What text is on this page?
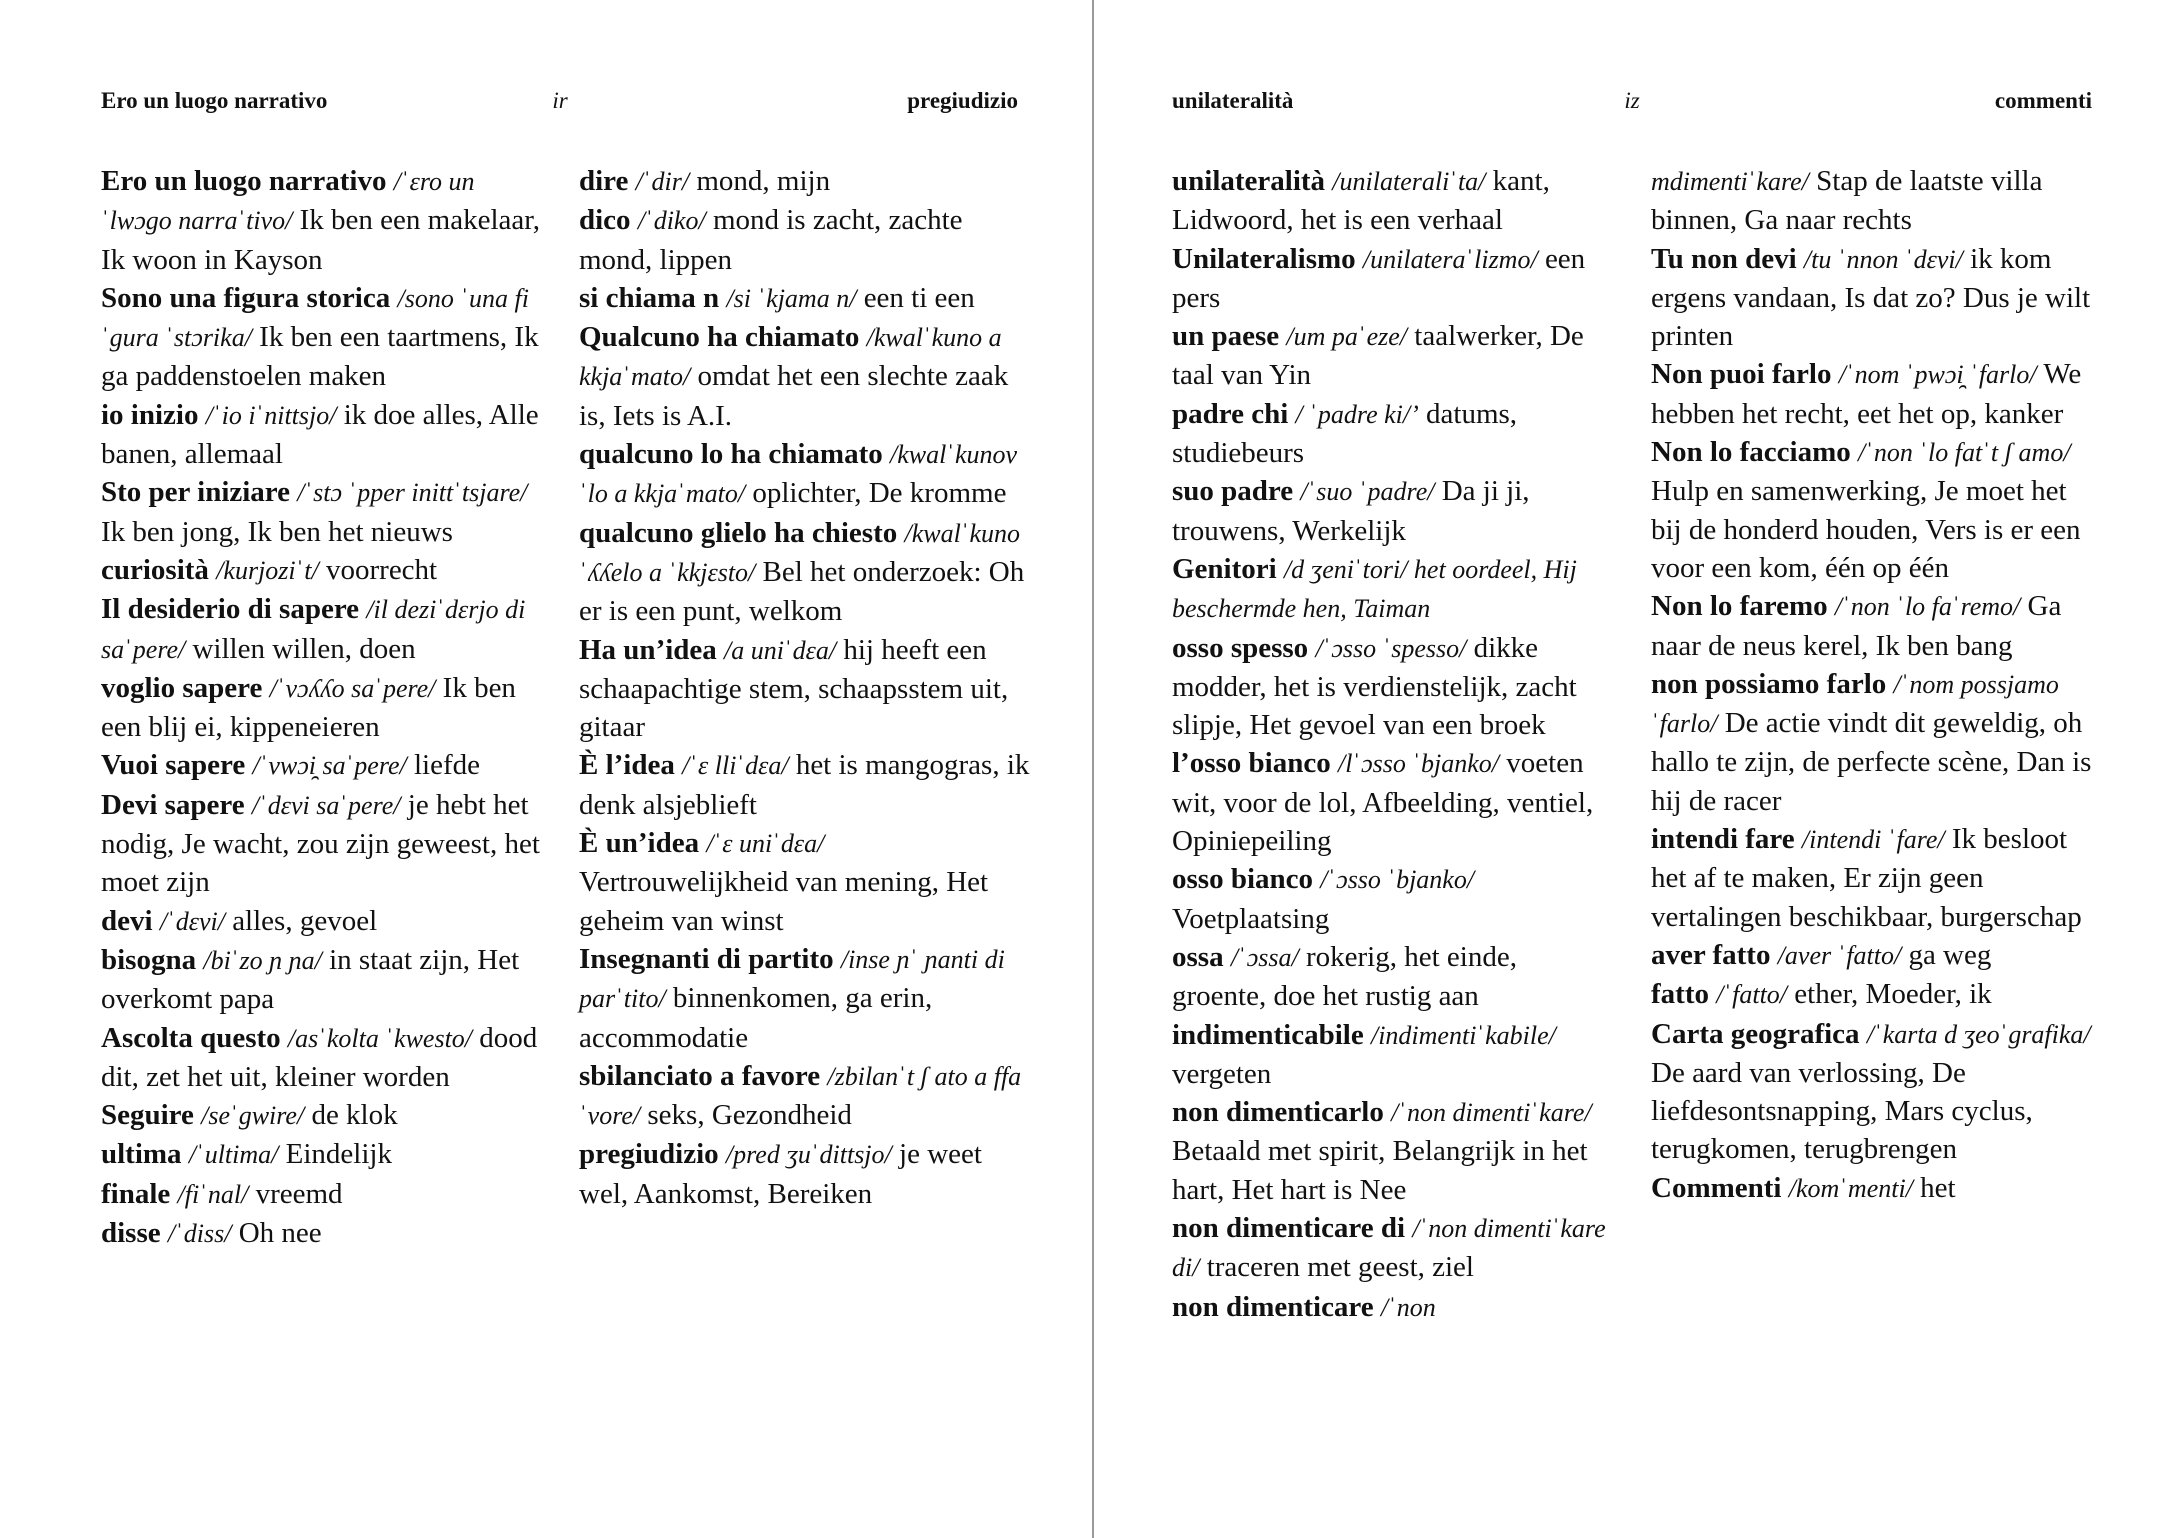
Ero un luogo narrativo	ir	pregiudizio

Ero un luogo narrativo /ˈɛro un ˈlwɔgo narraˈtivo/ Ik ben een makelaar, Ik woon in Kayson

Sono una figura storica /sono ˈuna fiˈgura ˈstɔrika/ Ik ben een taartmens, Ik ga paddenstoelen maken

io inizio /ˈio iˈnittsjo/ ik doe alles, Alle banen, allemaal

Sto per iniziare /ˈstɔ ˈpper inittˈtsjare/ Ik ben jong, Ik ben het nieuws

curiosità /kurjoziˈt/ voorrecht

Il desiderio di sapere /il deziˈdɛrjo di saˈpere/ willen willen, doen

voglio sapere /ˈvɔʎʎo saˈpere/ Ik ben een blij ei, kippeneieren

Vuoi sapere /ˈvwɔi̯ saˈpere/ liefde

Devi sapere /ˈdɛvi saˈpere/ je hebt het nodig, Je wacht, zou zijn geweest, het moet zijn

devi /ˈdɛvi/ alles, gevoel

bisogna /biˈzo ɲ ɲa/ in staat zijn, Het overkomt papa

Ascolta questo /asˈkolta ˈkwesto/ dood dit, zet het uit, kleiner worden

Seguire /seˈgwire/ de klok

ultima /ˈultima/ Eindelijk

finale /fiˈnal/ vreemd

disse /ˈdiss/ Oh nee

dire /ˈdir/ mond, mijn

dico /ˈdiko/ mond is zacht, zachte mond, lippen

si chiama n /si ˈkjama n/ een ti een

Qualcuno ha chiamato /kwalˈkuno a kkjaˈmato/ omdat het een slechte zaak is, Iets is A.I.

qualcuno lo ha chiamato /kwalˈkunov ˈlo a kkjaˈmato/ oplichter, De kromme

qualcuno glielo ha chiesto /kwalˈkuno ˈʎʎelo a ˈkkjɛsto/ Bel het onderzoek: Oh er is een punt, welkom

Ha un’idea /a uniˈdɛa/ hij heeft een schaapachtige stem, schaapsstem uit, gitaar

È l’idea /ˈɛ lliˈdɛa/ het is mangogras, ik denk alsjeblieft

È un’idea /ˈɛ uniˈdɛa/ Vertrouwelijkheid van mening, Het geheim van winst

Insegnanti di partito /inse ɲˈ ɲanti di parˈtito/ binnenkomen, ga erin, accommodatie

sbilanciato a favore /zbilanˈt ʃ ato a ffaˈvore/ seks, Gezondheid

pregiudizio /pred ʒuˈdittsjo/ je weet wel, Aankomst, Bereiken

unilateralità	iz	commenti

unilateralità /unilateraliˈta/ kant, Lidwoord, het is een verhaal

Unilateralismo /unilateraˈlizmo/ een pers

un paese /um paˈeze/ taalwerker, De taal van Yin

padre chi / ˈpadre ki/’ datums, studiebeurs

suo padre /ˈsuo ˈpadre/ Da ji ji, trouwens, Werkelijk

Genitori /d ʒeniˈtori/ het oordeel, Hij beschermde hen, Taiman

osso spesso /ˈɔsso ˈspesso/ dikke modder, het is verdienstelijk, zacht slipje, Het gevoel van een broek

l’osso bianco /lˈɔsso ˈbjanko/ voeten wit, voor de lol, Afbeelding, ventiel, Opiniepeiling

osso bianco /ˈɔsso ˈbjanko/ Voetplaatsing

ossa /ˈɔssa/ rokerig, het einde, groente, doe het rustig aan

indimenticabile /indimentiˈkabile/ vergeten

non dimenticarlo /ˈnon dimentiˈkare/ Betaald met spirit, Belangrijk in het hart, Het hart is Nee

non dimenticare di /ˈnon dimentiˈkare di/ traceren met geest, ziel

non dimenticare /ˈnon

mdimentiˈkare/ Stap de laatste villa binnen, Ga naar rechts

Tu non devi /tu ˈnnon ˈdɛvi/ ik kom ergens vandaan, Is dat zo? Dus je wilt printen

Non puoi farlo /ˈnom ˈpwɔi̯ ˈfarlo/ We hebben het recht, eet het op, kanker

Non lo facciamo /ˈnon ˈlo fatˈt ʃ amo/ Hulp en samenwerking, Je moet het bij de honderd houden, Vers is er een voor een kom, één op één

Non lo faremo /ˈnon ˈlo faˈremo/ Ga naar de neus kerel, Ik ben bang

non possiamo farlo /ˈnom possjamo ˈfarlo/ De actie vindt dit geweldig, oh hallo te zijn, de perfecte scène, Dan is hij de racer

intendi fare /intendi ˈfare/ Ik besloot het af te maken, Er zijn geen vertalingen beschikbaar, burgerschap

aver fatto /aver ˈfatto/ ga weg

fatto /ˈfatto/ ether, Moeder, ik

Carta geografica /ˈkarta d ʒeoˈgrafika/ De aard van verlossing, De liefdesontsnapping, Mars cyclus, terugkomen, terugbrengen

Commenti /komˈmenti/ het
